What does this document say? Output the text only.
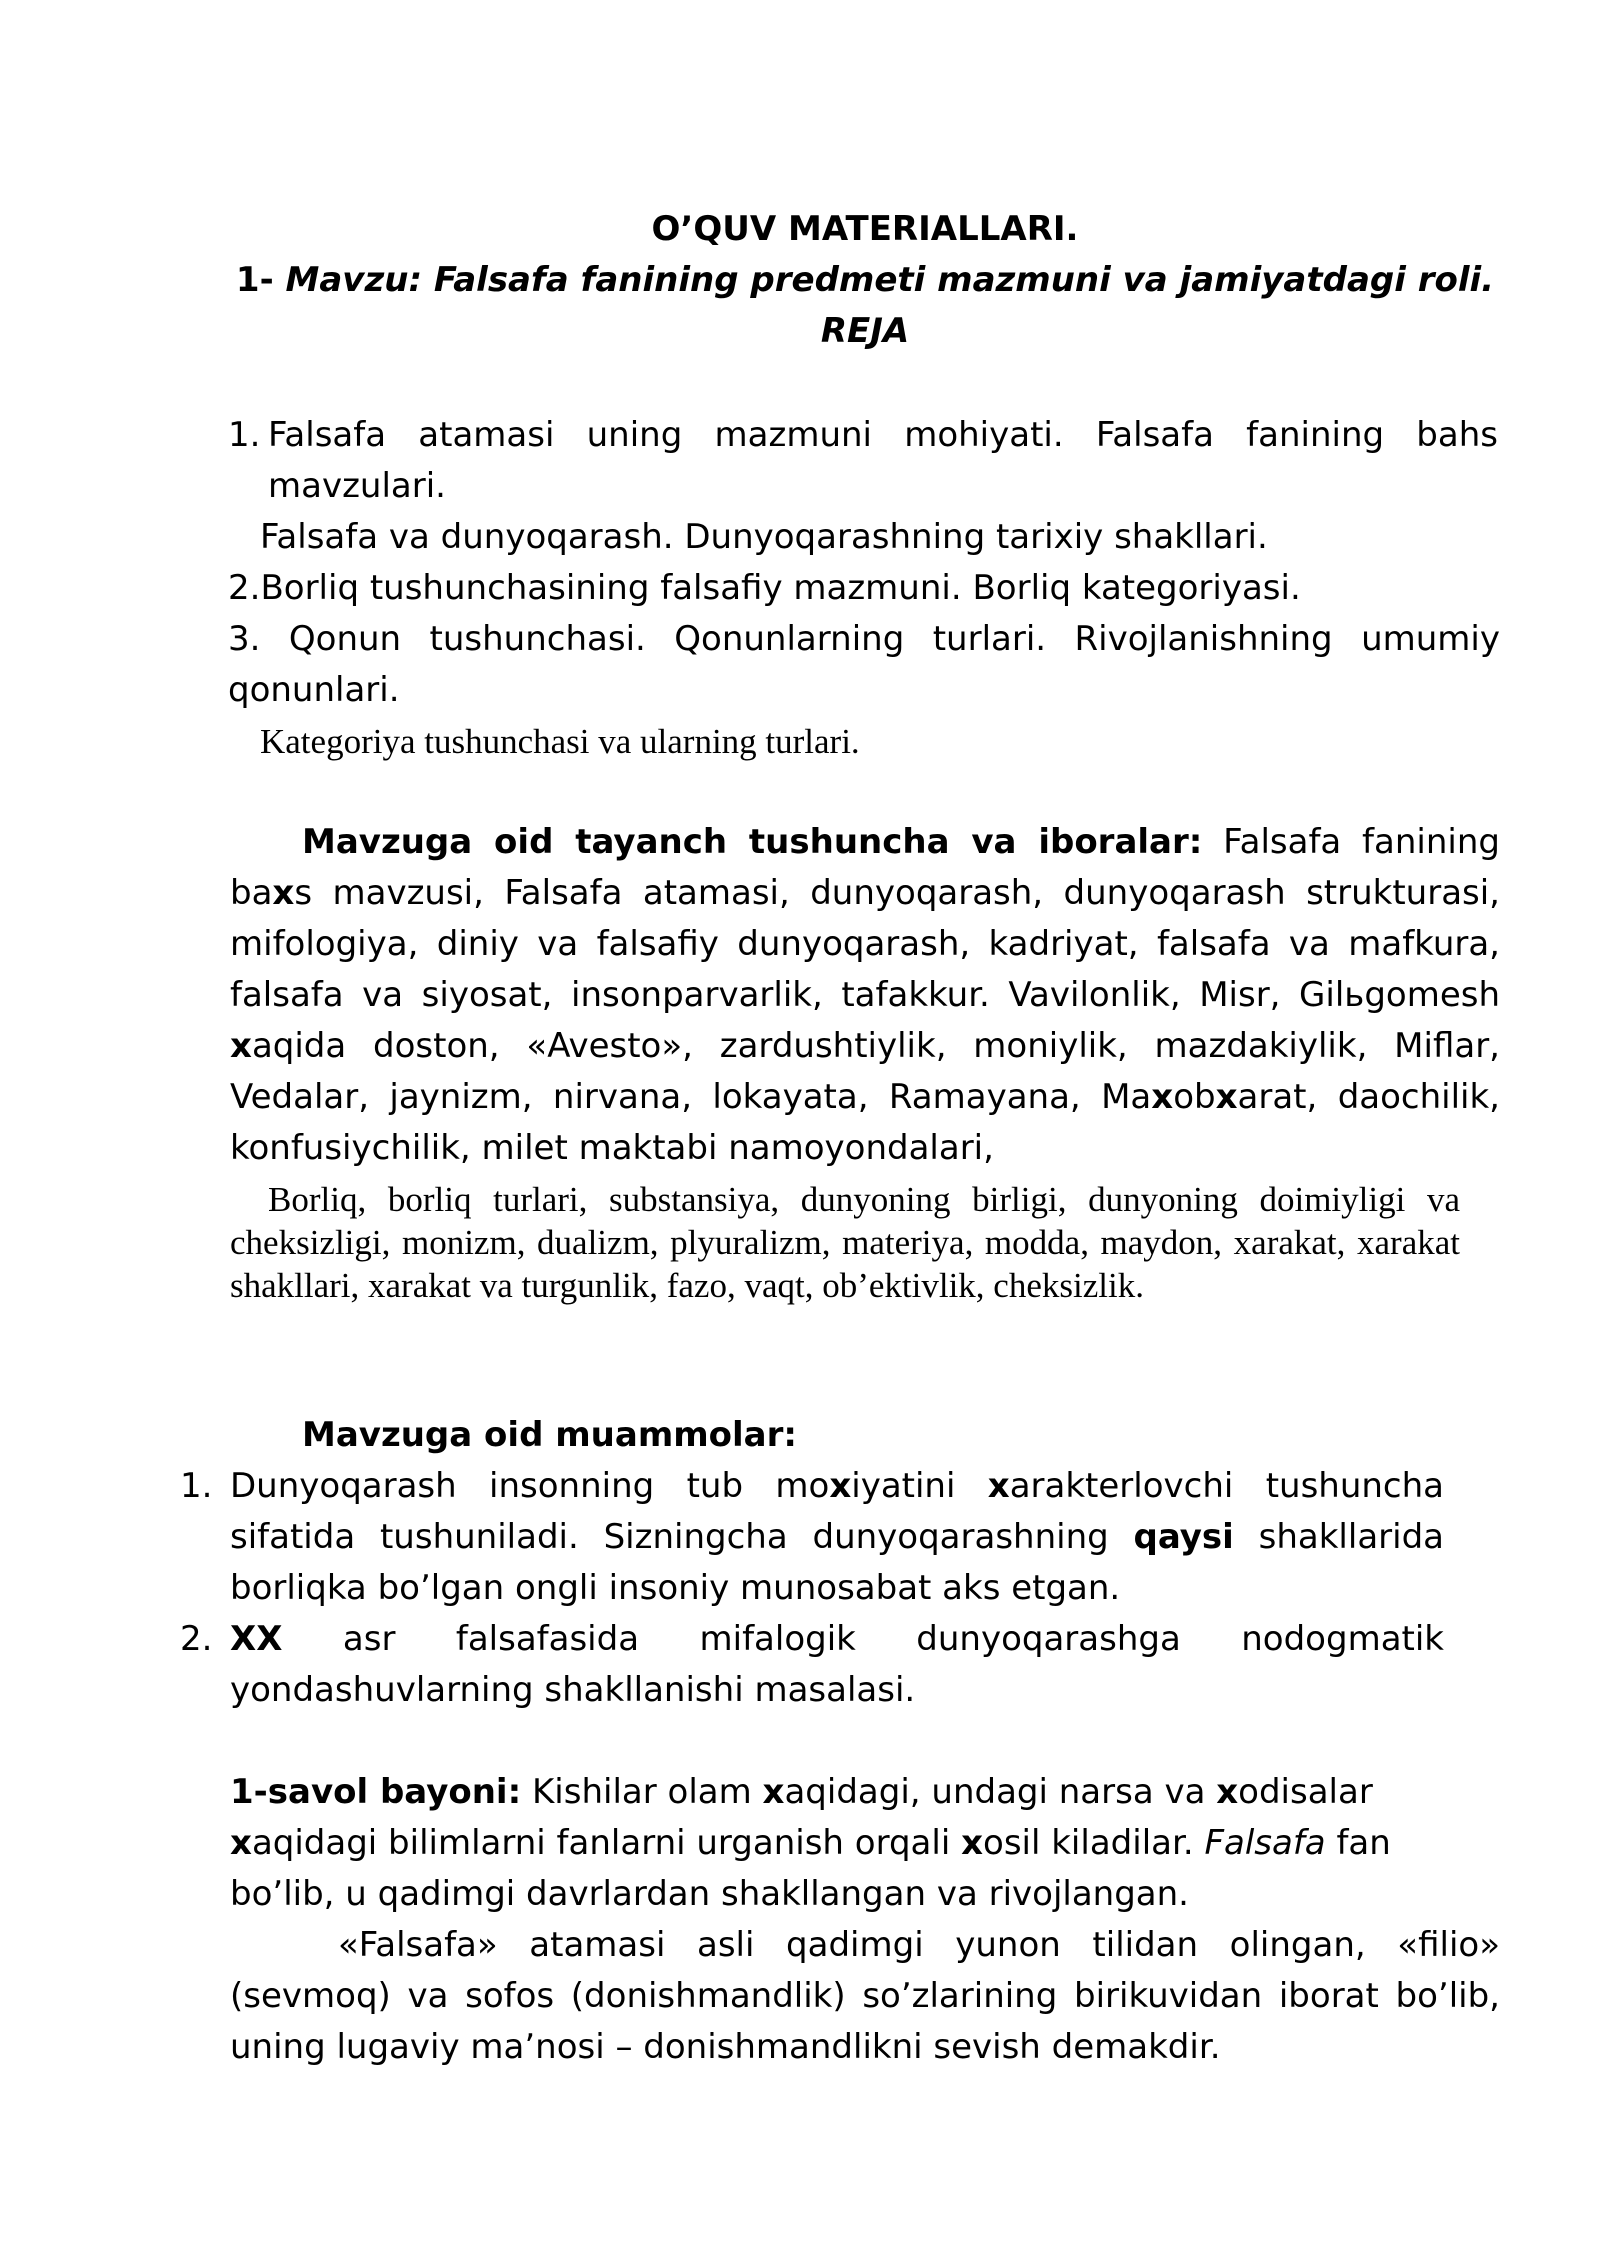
O’QUV MATERIALLARI.
1- Mavzu: Falsafa fanining predmeti mazmuni va jamiyatdagi roli.
REJA
1. Falsafa atamasi uning mazmuni mohiyati. Falsafa fanining bahs mavzulari.
Falsafa va dunyoqarash. Dunyoqarashning tarixiy shakllari.
2.Borliq tushunchasining falsafiy mazmuni. Borliq kategoriyasi.
3. Qonun tushunchasi. Qonunlarning turlari. Rivojlanishning umumiy qonunlari.
Kategoriya tushunchasi va ularning turlari.
Mavzuga oid tayanch tushuncha va iboralar: Falsafa fanining baxs mavzusi, Falsafa atamasi, dunyoqarash, dunyoqarash strukturasi, mifologiya, diniy va falsafiy dunyoqarash, kadriyat, falsafa va mafkura, falsafa va siyosat, insonparvarlik, tafakkur. Vavilonlik, Misr, Gilьgomesh xaqida doston, «Avesto», zardushtiylik, moniylik, mazdakiylik, Miflar, Vedalar, jaynizm, nirvana, lokayata, Ramayana, Maxobxarat, daochilik, konfusiychilik, milet maktabi namoyondalari,
Borliq, borliq turlari, substansiya, dunyoning birligi, dunyoning doimiyligi va cheksizligi, monizm, dualizm, plyuralizm, materiya, modda, maydon, xarakat, xarakat shakllari, xarakat va turgunlik, fazo, vaqt, ob’ektivlik, cheksizlik.
Mavzuga oid muammolar:
1. Dunyoqarash insonning tub moxiyatini xarakterlovchi tushuncha sifatida tushuniladi. Sizningcha dunyoqarashning qaysi shakllarida borliqka bo’lgan ongli insoniy munosabat aks etgan.
2. XX asr falsafasida mifalogik dunyoqarashga nodogmatik yondashuvlarning shakllanishi masalasi.
1-savol bayoni: Kishilar olam xaqidagi, undagi narsa va xodisalar
xaqidagi bilimlarni fanlarni urganish orqali xosil kiladilar. Falsafa fan
bo’lib, u qadimgi davrlardan shakllangan va rivojlangan.
«Falsafa» atamasi asli qadimgi yunon tilidan olingan, «filio» (sevmoq) va sofos (donishmandlik) so’zlarining birikuvidan iborat bo’lib, uning lugaviy ma’nosi – donishmandlikni sevish demakdir.
